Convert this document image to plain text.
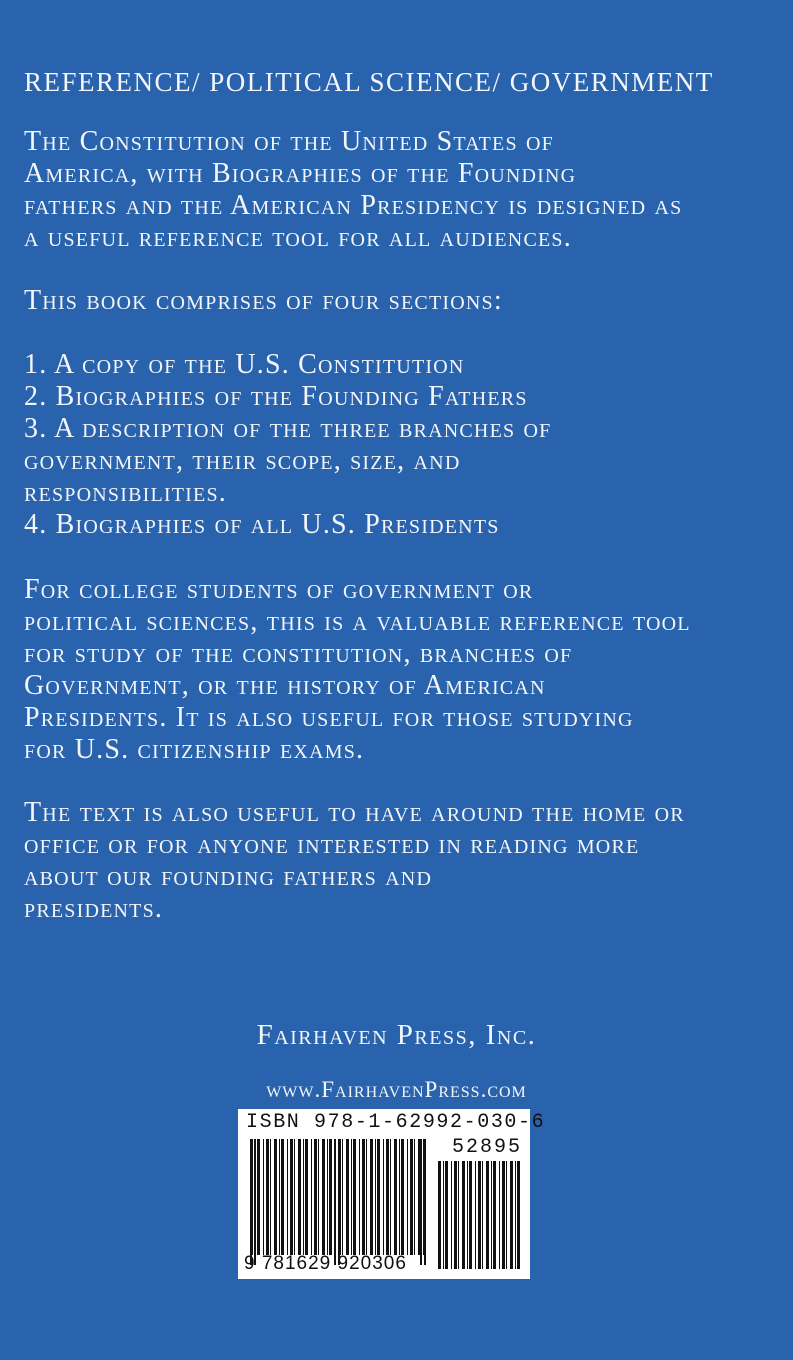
REFERENCE/ POLITICAL SCIENCE/ GOVERNMENT
The Constitution of the United States of
America, with Biographies of the Founding
fathers and the American Presidency is designed as
a useful reference tool for all audiences.
This book comprises of four sections:
1. A copy of the U.S. Constitution
2. Biographies of the Founding Fathers
3. A description of the three branches of
government, their scope, size, and
responsibilities.
4. Biographies of all U.S. Presidents
For college students of government or
political sciences, this is a valuable reference tool
for study of the constitution, branches of
Government, or the history of American
Presidents. It is also useful for those studying
for U.S. citizenship exams.
The text is also useful to have around the home or
office or for anyone interested in reading more
about our founding fathers and
presidents.
Fairhaven Press, Inc.
www.FairhavenPress.com
ISBN 978-1-62992-030-6
52895
9 781629 920306
